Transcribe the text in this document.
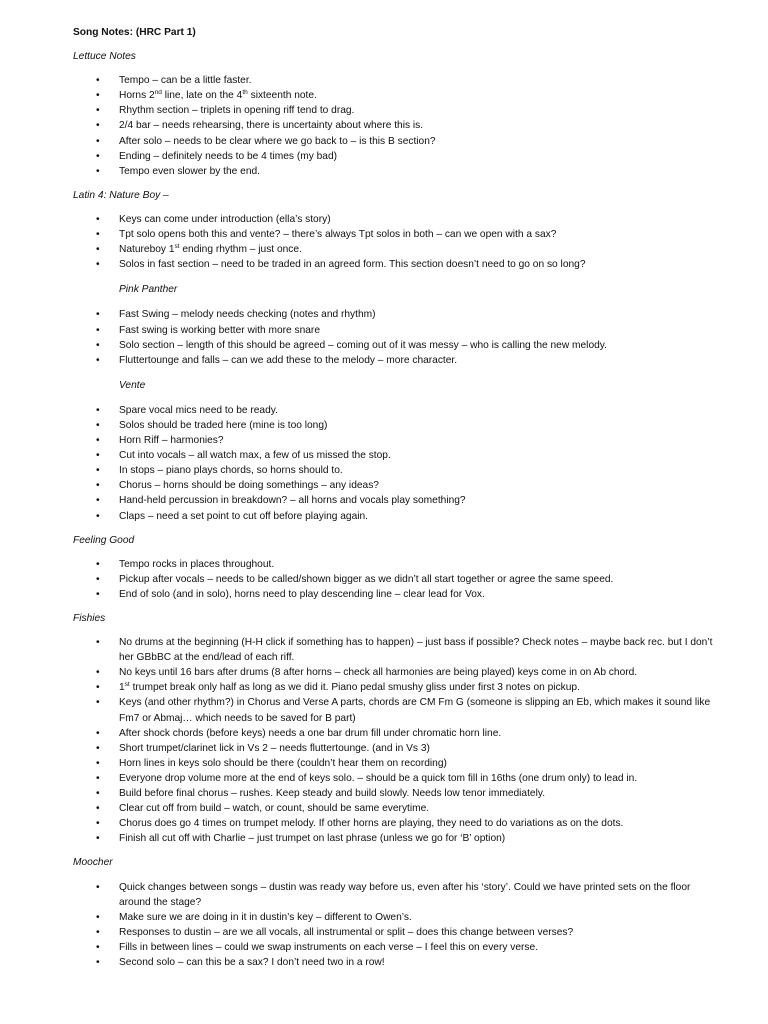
Song Notes: (HRC Part 1)
Lettuce Notes
• Tempo – can be a little faster.
• Horns 2nd line, late on the 4th sixteenth note.
• Rhythm section – triplets in opening riff tend to drag.
• 2/4 bar – needs rehearsing, there is uncertainty about where this is.
• After solo – needs to be clear where we go back to – is this B section?
• Ending – definitely needs to be 4 times (my bad)
• Tempo even slower by the end.
Latin 4: Nature Boy –
• Keys can come under introduction (ella’s story)
• Tpt solo opens both this and vente? – there’s always Tpt solos in both – can we open with a sax?
• Natureboy 1st ending rhythm – just once.
• Solos in fast section – need to be traded in an agreed form. This section doesn’t need to go on so long?
Pink Panther
• Fast Swing – melody needs checking (notes and rhythm)
• Fast swing is working better with more snare
• Solo section – length of this should be agreed – coming out of it was messy – who is calling the new melody.
• Fluttertounge and falls – can we add these to the melody – more character.
Vente
• Spare vocal mics need to be ready.
• Solos should be traded here (mine is too long)
• Horn Riff – harmonies?
• Cut into vocals – all watch max, a few of us missed the stop.
• In stops – piano plays chords, so horns should to.
• Chorus – horns should be doing somethings – any ideas?
• Hand-held percussion in breakdown? – all horns and vocals play something?
• Claps – need a set point to cut off before playing again.
Feeling Good
• Tempo rocks in places throughout.
• Pickup after vocals – needs to be called/shown bigger as we didn’t all start together or agree the same speed.
• End of solo (and in solo), horns need to play descending line – clear lead for Vox.
Fishies
• No drums at the beginning (H-H click if something has to happen) – just bass if possible? Check notes – maybe back rec. but I don’t her GBbBC at the end/lead of each riff.
• No keys until 16 bars after drums (8 after horns – check all harmonies are being played) keys come in on Ab chord.
• 1st trumpet break only half as long as we did it. Piano pedal smushy gliss under first 3 notes on pickup.
• Keys (and other rhythm?) in Chorus and Verse A parts, chords are CM Fm G (someone is slipping an Eb, which makes it sound like Fm7 or Abmaj… which needs to be saved for B part)
• After shock chords (before keys) needs a one bar drum fill under chromatic horn line.
• Short trumpet/clarinet lick in Vs 2 – needs fluttertounge. (and in Vs 3)
• Horn lines in keys solo should be there (couldn’t hear them on recording)
• Everyone drop volume more at the end of keys solo. – should be a quick tom fill in 16ths (one drum only) to lead in.
• Build before final chorus – rushes. Keep steady and build slowly. Needs low tenor immediately.
• Clear cut off from build – watch, or count, should be same everytime.
• Chorus does go 4 times on trumpet melody. If other horns are playing, they need to do variations as on the dots.
• Finish all cut off with Charlie – just trumpet on last phrase (unless we go for ‘B’ option)
Moocher
• Quick changes between songs – dustin was ready way before us, even after his ‘story’. Could we have printed sets on the floor around the stage?
• Make sure we are doing in it in dustin’s key – different to Owen’s.
• Responses to dustin – are we all vocals, all instrumental or split – does this change between verses?
• Fills in between lines – could we swap instruments on each verse – I feel this on every verse.
• Second solo – can this be a sax? I don’t need two in a row!
